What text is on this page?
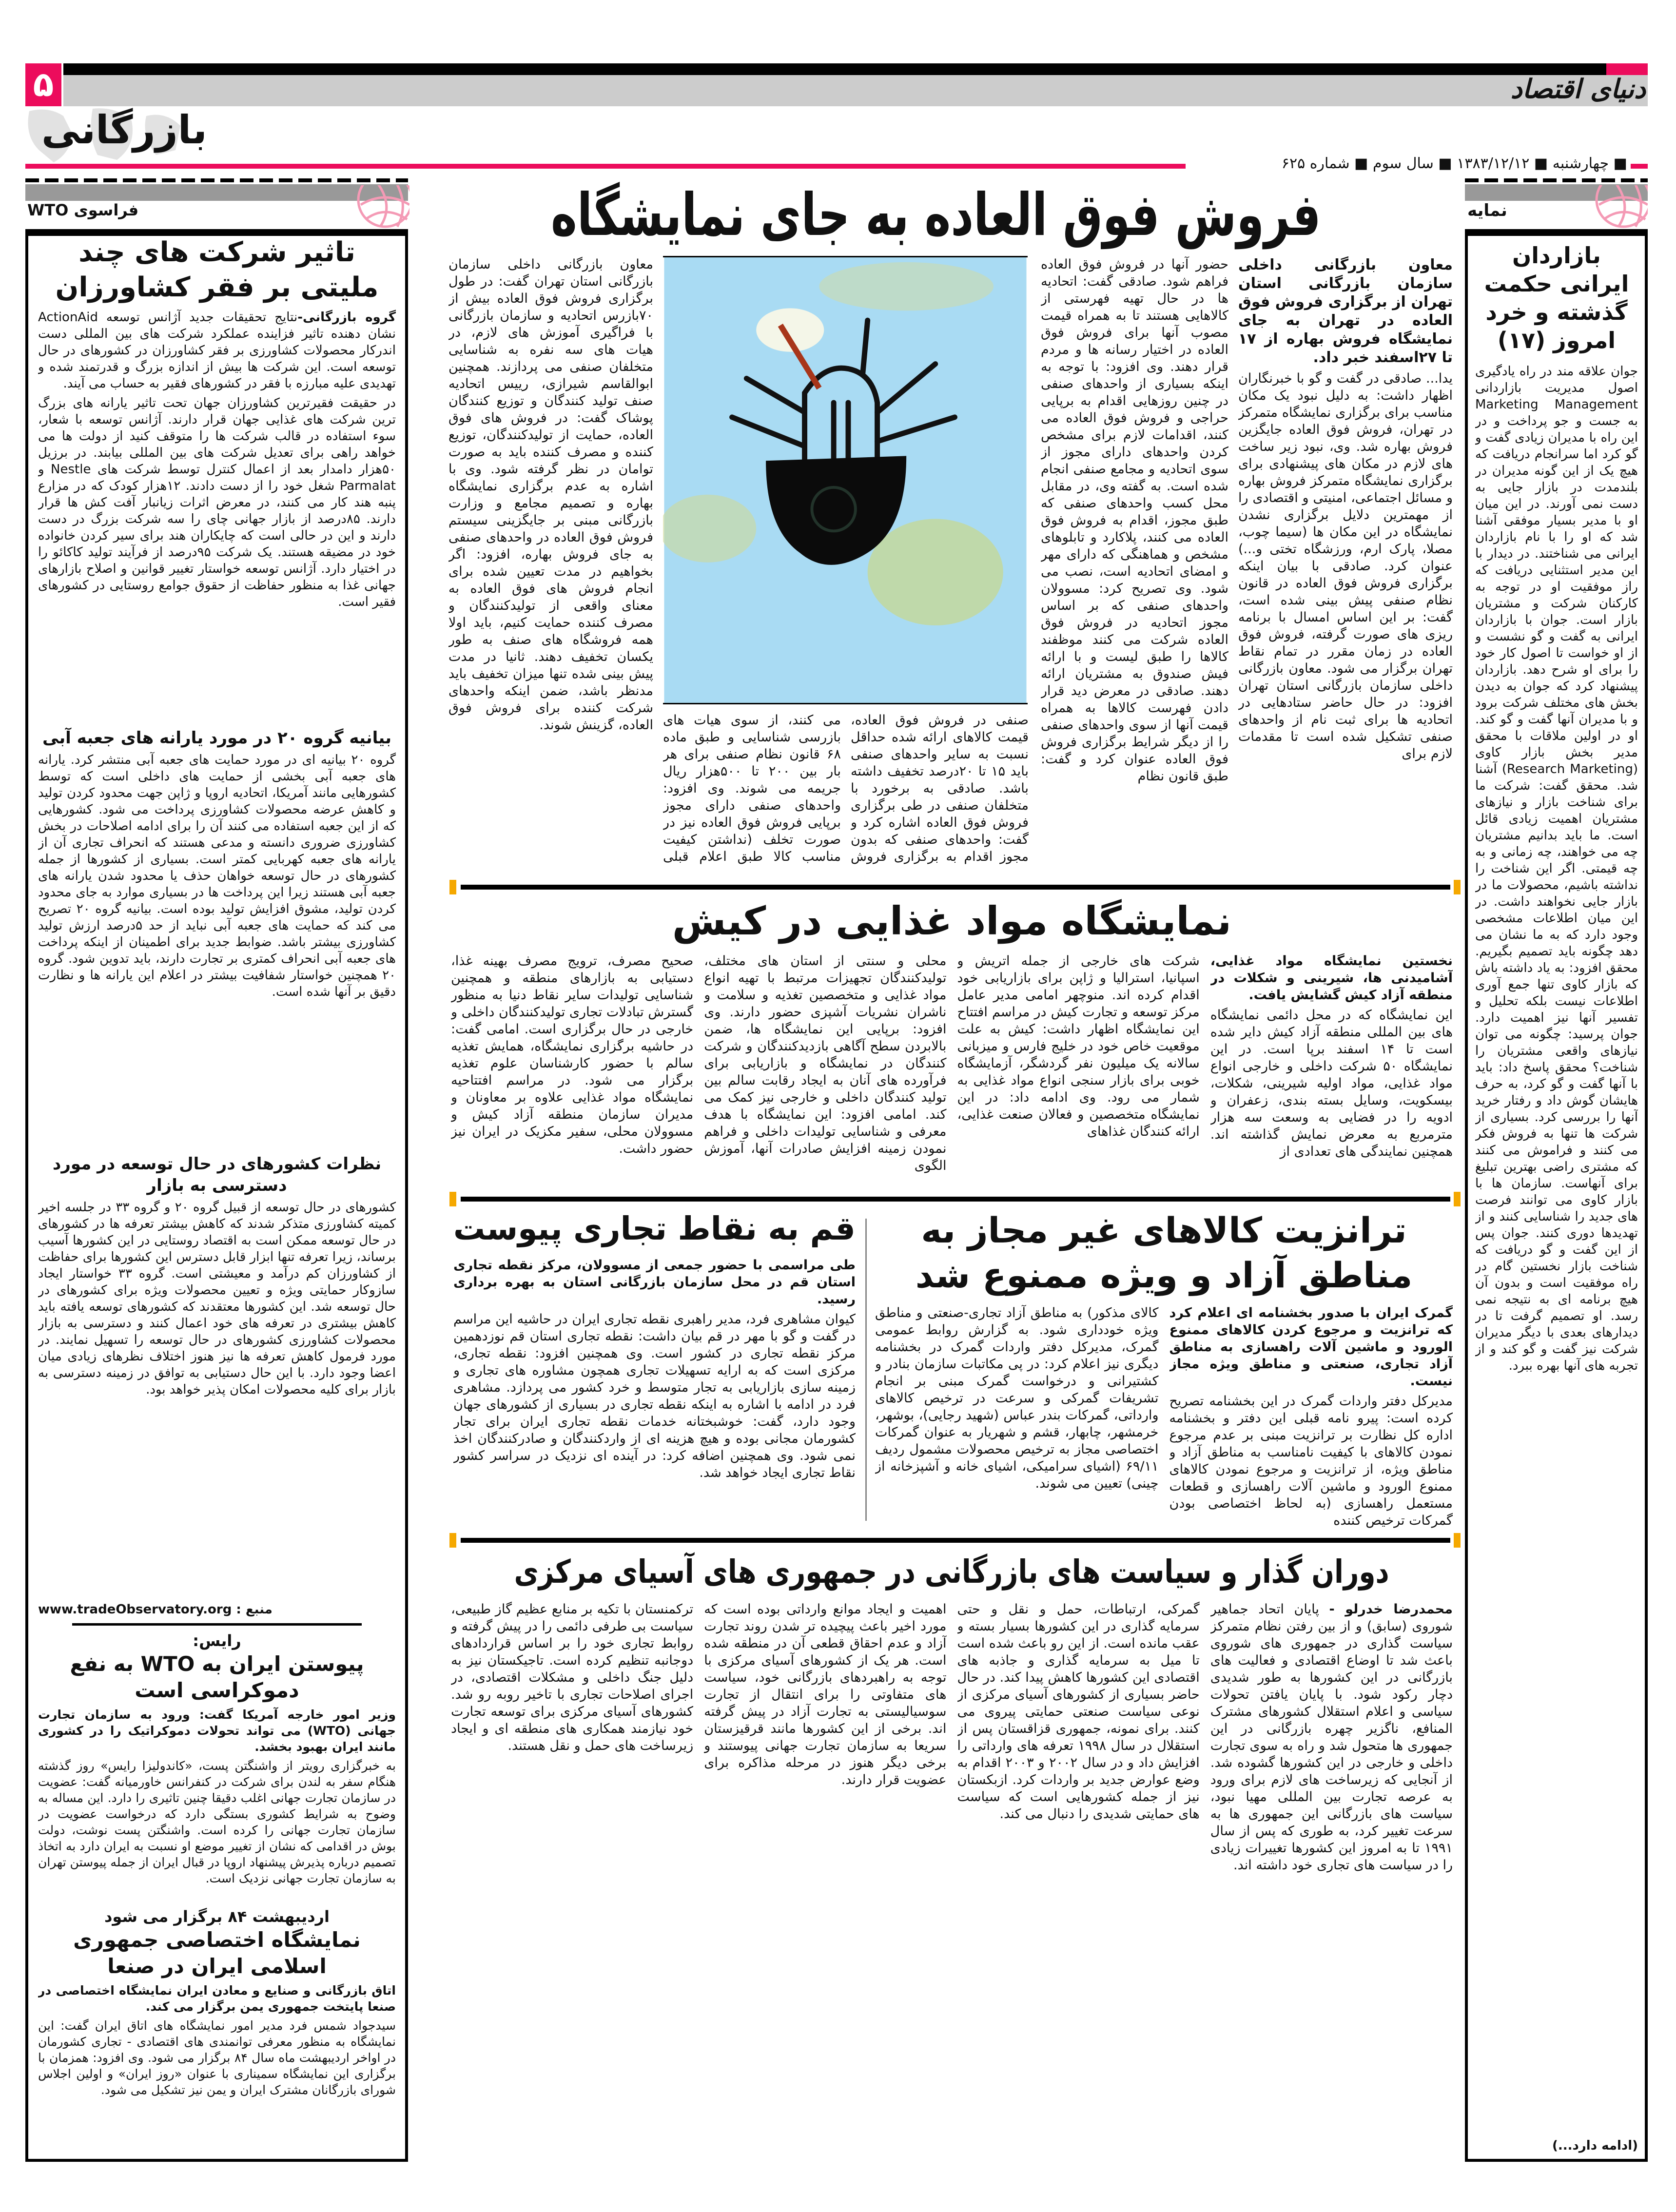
۵	دنیای اقتصاد
بازرگانی
■ چهارشنبه ■ ۱۳۸۳/۱۲/۱۲ ■ سال سوم ■ شماره ۶۲۵
نمایه
فراسوی WTO	فروش فوق العاده به جای نمایشگاه
بازاردان ایرانی حکمت گذشته و خرد امروز (۱۷)
جوان علاقه مند در راه یادگیری اصول مدیریت بازاردانی Marketing Management به جست و جو پرداخت و در این راه با مدیران زیادی گفت و گو کرد اما سرانجام دریافت که هیچ یک از این گونه مدیران در بلندمدت در بازار جایی به دست نمی آورند. در این میان او با مدیر بسیار موفقی آشنا شد که او را با نام بازاردان ایرانی می شناختند. در دیدار با این مدیر استثنایی دریافت که راز موفقیت او در توجه به کارکنان شرکت و مشتریان بازار است. جوان با بازاردان ایرانی به گفت و گو نشست و از او خواست تا اصول کار خود را برای او شرح دهد. بازاردان پیشنهاد کرد که جوان به دیدن بخش های مختلف شرکت برود و با مدیران آنها گفت و گو کند. او در اولین ملاقات با محقق مدیر بخش بازار کاوی (Research Marketing) آشنا شد. محقق گفت: شرکت ما برای شناخت بازار و نیازهای مشتریان اهمیت زیادی قائل است. ما باید بدانیم مشتریان چه می خواهند، چه زمانی و به چه قیمتی. اگر این شناخت را نداشته باشیم، محصولات ما در بازار جایی نخواهند داشت. در این میان اطلاعات مشخصی وجود دارد که به ما نشان می دهد چگونه باید تصمیم بگیریم. محقق افزود: به یاد داشته باش که بازار کاوی تنها جمع آوری اطلاعات نیست بلکه تحلیل و تفسیر آنها نیز اهمیت دارد. جوان پرسید: چگونه می توان نیازهای واقعی مشتریان را شناخت؟ محقق پاسخ داد: باید با آنها گفت و گو کرد، به حرف هایشان گوش داد و رفتار خرید آنها را بررسی کرد. بسیاری از شرکت ها تنها به فروش فکر می کنند و فراموش می کنند که مشتری راضی بهترین تبلیغ برای آنهاست. سازمان ها با بازار کاوی می توانند فرصت های جدید را شناسایی کنند و از تهدیدها دوری کنند. جوان پس از این گفت و گو دریافت که شناخت بازار نخستین گام در راه موفقیت است و بدون آن هیچ برنامه ای به نتیجه نمی رسد. او تصمیم گرفت تا در دیدارهای بعدی با دیگر مدیران شرکت نیز گفت و گو کند و از تجربه های آنها بهره ببرد.
(ادامه دارد...)
تاثیر شرکت های چند ملیتی بر فقر کشاورزان

گروه بازرگانی-نتایج تحقیقات جدید آژانس توسعه ActionAid نشان دهنده تاثیر فزاینده عملکرد شرکت های بین المللی دست اندرکار محصولات کشاورزی بر فقر کشاورزان در کشورهای در حال توسعه است. این شرکت ها بیش از اندازه بزرگ و قدرتمند شده و تهدیدی علیه مبارزه با فقر در کشورهای فقیر به حساب می آیند.

در حقیقت فقیرترین کشاورزان جهان تحت تاثیر یارانه های بزرگ ترین شرکت های غذایی جهان قرار دارند. آژانس توسعه با شعار، سوء استفاده در قالب شرکت ها را متوقف کنید از دولت ها می خواهد راهی برای تعدیل شرکت های بین المللی بیابند. در برزیل ۵۰هزار دامدار بعد از اعمال کنترل توسط شرکت های Nestle و Parmalat شغل خود را از دست دادند. ۱۲هزار کودک که در مزارع پنبه هند کار می کنند، در معرض اثرات زیانبار آفت کش ها قرار دارند. ۸۵درصد از بازار جهانی چای را سه شرکت بزرگ در دست دارند و این در حالی است که چایکاران هند برای سیر کردن خانواده خود در مضیقه هستند. یک شرکت ۹۵درصد از فرآیند تولید کاکائو را در اختیار دارد. آژانس توسعه خواستار تغییر قوانین و اصلاح بازارهای جهانی غذا به منظور حفاظت از حقوق جوامع روستایی در کشورهای فقیر است.

بیانیه گروه ۲۰ در مورد یارانه های جعبه آبی
گروه ۲۰ بیانیه ای در مورد حمایت های جعبه آبی منتشر کرد. یارانه های جعبه آبی بخشی از حمایت های داخلی است که توسط کشورهایی مانند آمریکا، اتحادیه اروپا و ژاپن جهت محدود کردن تولید و کاهش عرضه محصولات کشاورزی پرداخت می شود. کشورهایی که از این جعبه استفاده می کنند آن را برای ادامه اصلاحات در بخش کشاورزی ضروری دانسته و مدعی هستند که انحراف تجاری آن از یارانه های جعبه کهربایی کمتر است. بسیاری از کشورها از جمله کشورهای در حال توسعه خواهان حذف یا محدود شدن یارانه های جعبه آبی هستند زیرا این پرداخت ها در بسیاری موارد به جای محدود کردن تولید، مشوق افزایش تولید بوده است. بیانیه گروه ۲۰ تصریح می کند که حمایت های جعبه آبی نباید از حد ۵درصد ارزش تولید کشاورزی بیشتر باشد. ضوابط جدید برای اطمینان از اینکه پرداخت های جعبه آبی انحراف کمتری بر تجارت دارند، باید تدوین شود. گروه ۲۰ همچنین خواستار شفافیت بیشتر در اعلام این یارانه ها و نظارت دقیق بر آنها شده است.
نظرات کشورهای در حال توسعه در مورد دسترسی به بازار
کشورهای در حال توسعه از قبیل گروه ۲۰ و گروه ۳۳ در جلسه اخیر کمیته کشاورزی متذکر شدند که کاهش بیشتر تعرفه ها در کشورهای در حال توسعه ممکن است به اقتصاد روستایی در این کشورها آسیب برساند، زیرا تعرفه تنها ابزار قابل دسترس این کشورها برای حفاظت از کشاورزان کم درآمد و معیشتی است. گروه ۳۳ خواستار ایجاد سازوکار حمایتی ویژه و تعیین محصولات ویژه برای کشورهای در حال توسعه شد. این کشورها معتقدند که کشورهای توسعه یافته باید کاهش بیشتری در تعرفه های خود اعمال کنند و دسترسی به بازار محصولات کشاورزی کشورهای در حال توسعه را تسهیل نمایند. در مورد فرمول کاهش تعرفه ها نیز هنوز اختلاف نظرهای زیادی میان اعضا وجود دارد. با این حال دستیابی به توافق در زمینه دسترسی به بازار برای کلیه محصولات امکان پذیر خواهد بود.
منبع : www.tradeObservatory.org
رایس:
پیوستن ایران به WTO به نفع دموکراسی است

وزیر امور خارجه آمریکا گفت: ورود به سازمان تجارت جهانی (WTO) می تواند تحولات دموکراتیک را در کشوری مانند ایران بهبود بخشد.

به خبرگزاری رویتر از واشنگتن پست، «کاندولیزا رایس» روز گذشته هنگام سفر به لندن برای شرکت در کنفرانس خاورمیانه گفت: عضویت در سازمان تجارت جهانی اغلب دقیقا چنین تاثیری را دارد. این مساله به وضوح به شرایط کشوری بستگی دارد که درخواست عضویت در سازمان تجارت جهانی را کرده است. واشنگتن پست نوشت، دولت بوش در اقدامی که نشان از تغییر موضع او نسبت به ایران دارد به اتخاذ تصمیم درباره پذیرش پیشنهاد اروپا در قبال ایران از جمله پیوستن تهران به سازمان تجارت جهانی نزدیک است.

اردیبهشت ۸۴ برگزار می شود
نمایشگاه اختصاصی جمهوری اسلامی ایران در صنعا

اتاق بازرگانی و صنایع و معادن ایران نمایشگاه اختصاصی در صنعا پایتخت جمهوری یمن برگزار می کند.

سیدجواد شمس فرد مدیر امور نمایشگاه های اتاق ایران گفت: این نمایشگاه به منظور معرفی توانمندی های اقتصادی - تجاری کشورمان در اواخر اردیبهشت ماه سال ۸۴ برگزار می شود. وی افزود: همزمان با برگزاری این نمایشگاه سمیناری با عنوان «روز ایران» و اولین اجلاس شورای بازرگانان مشترک ایران و یمن نیز تشکیل می شود.

معاون بازرگانی داخلی سازمان بازرگانی استان تهران از برگزاری فروش فوق العاده در تهران به جای نمایشگاه فروش بهاره از ۱۷ تا ۲۷اسفند خبر داد.

یدا... صادقی در گفت و گو با خبرنگاران اظهار داشت: به دلیل نبود یک مکان مناسب برای برگزاری نمایشگاه متمرکز در تهران، فروش فوق العاده جایگزین فروش بهاره شد. وی، نبود زیر ساخت های لازم در مکان های پیشنهادی برای برگزاری نمایشگاه متمرکز فروش بهاره و مسائل اجتماعی، امنیتی و اقتصادی را از مهمترین دلایل برگزاری نشدن نمایشگاه در این مکان ها (سیما چوب، مصلا، پارک ارم، ورزشگاه تختی و...) عنوان کرد. صادقی با بیان اینکه برگزاری فروش فوق العاده در قانون نظام صنفی پیش بینی شده است، گفت: بر این اساس امسال با برنامه ریزی های صورت گرفته، فروش فوق العاده در زمان مقرر در تمام نقاط تهران برگزار می شود. معاون بازرگانی داخلی سازمان بازرگانی استان تهران افزود: در حال حاضر ستادهایی در اتحادیه ها برای ثبت نام از واحدهای صنفی تشکیل شده است تا مقدمات لازم برای

حضور آنها در فروش فوق العاده فراهم شود. صادقی گفت: اتحادیه ها در حال تهیه فهرستی از کالاهایی هستند تا به همراه قیمت مصوب آنها برای فروش فوق العاده در اختیار رسانه ها و مردم قرار دهند. وی افزود: با توجه به اینکه بسیاری از واحدهای صنفی در چنین روزهایی اقدام به برپایی حراجی و فروش فوق العاده می کنند، اقدامات لازم برای مشخص کردن واحدهای دارای مجوز از سوی اتحادیه و مجامع صنفی انجام شده است. به گفته وی، در مقابل محل کسب واحدهای صنفی که طبق مجوز، اقدام به فروش فوق العاده می کنند، پلاکارد و تابلوهای مشخص و هماهنگی که دارای مهر و امضای اتحادیه است، نصب می شود. وی تصریح کرد: مسوولان واحدهای صنفی که بر اساس مجوز اتحادیه در فروش فوق العاده شرکت می کنند موظفند کالاها را طبق لیست و با ارائه فیش صندوق به مشتریان ارائه دهند. صادقی در معرض دید قرار دادن فهرست کالاها به همراه قیمت آنها از سوی واحدهای صنفی را از دیگر شرایط برگزاری فروش فوق العاده عنوان کرد و گفت: طبق قانون نظام
صنفی در فروش فوق العاده، قیمت کالاهای ارائه شده حداقل نسبت به سایر واحدهای صنفی باید ۱۵ تا ۲۰درصد تخفیف داشته باشد. صادقی به برخورد با متخلفان صنفی در طی برگزاری فروش فوق العاده اشاره کرد و گفت: واحدهای صنفی که بدون مجوز اقدام به برگزاری فروش
می کنند، از سوی هیات های بازرسی شناسایی و طبق ماده ۶۸ قانون نظام صنفی برای هر بار بین ۲۰۰ تا ۵۰۰هزار ریال جریمه می شوند. وی افزود: واحدهای صنفی دارای مجوز برپایی فروش فوق العاده نیز در صورت تخلف (نداشتن کیفیت مناسب کالا طبق اعلام قبلی
معاون بازرگانی داخلی سازمان بازرگانی استان تهران گفت: در طول برگزاری فروش فوق العاده بیش از ۷۰بازرس اتحادیه و سازمان بازرگانی با فراگیری آموزش های لازم، در هیات های سه نفره به شناسایی متخلفان صنفی می پردازند. همچنین ابوالقاسم شیرازی، رییس اتحادیه صنف تولید کنندگان و توزیع کنندگان پوشاک گفت: در فروش های فوق العاده، حمایت از تولیدکنندگان، توزیع کننده و مصرف کننده باید به صورت توامان در نظر گرفته شود. وی با اشاره به عدم برگزاری نمایشگاه بهاره و تصمیم مجامع و وزارت بازرگانی مبنی بر جایگزینی سیستم فروش فوق العاده در واحدهای صنفی به جای فروش بهاره، افزود: اگر بخواهیم در مدت تعیین شده برای انجام فروش های فوق العاده به معنای واقعی از تولیدکنندگان و مصرف کننده حمایت کنیم، باید اولا همه فروشگاه های صنف به طور یکسان تخفیف دهند. ثانیا در مدت پیش بینی شده تنها میزان تخفیف باید مدنظر باشد، ضمن اینکه واحدهای شرکت کننده برای فروش فوق العاده، گزینش شوند.
نمایشگاه مواد غذایی در کیش

نخستین نمایشگاه مواد غذایی، آشامیدنی ها، شیرینی و شکلات در منطقه آزاد کیش گشایش یافت.

این نمایشگاه که در محل دائمی نمایشگاه های بین المللی منطقه آزاد کیش دایر شده است تا ۱۴ اسفند برپا است. در این نمایشگاه ۵۰ شرکت داخلی و خارجی انواع مواد غذایی، مواد اولیه شیرینی، شکلات، بیسکویت، وسایل بسته بندی، زعفران و ادویه را در فضایی به وسعت سه هزار مترمربع به معرض نمایش گذاشته اند. همچنین نمایندگی های تعدادی از

شرکت های خارجی از جمله اتریش و اسپانیا، استرالیا و ژاپن برای بازاریابی خود اقدام کرده اند. منوچهر امامی مدیر عامل مرکز توسعه و تجارت کیش در مراسم افتتاح این نمایشگاه اظهار داشت: کیش به علت موقعیت خاص خود در خلیج فارس و میزبانی سالانه یک میلیون نفر گردشگر، آزمایشگاه خوبی برای بازار سنجی انواع مواد غذایی به شمار می رود. وی ادامه داد: در این نمایشگاه متخصصین و فعالان صنعت غذایی، ارائه کنندگان غذاهای
محلی و سنتی از استان های مختلف، تولیدکنندگان تجهیزات مرتبط با تهیه انواع مواد غذایی و متخصصین تغذیه و سلامت و ناشران نشریات آشپزی حضور دارند. وی افزود: برپایی این نمایشگاه ها، ضمن بالابردن سطح آگاهی بازدیدکنندگان و شرکت کنندگان در نمایشگاه و بازاریابی برای فرآورده های آنان به ایجاد رقابت سالم بین تولید کنندگان داخلی و خارجی نیز کمک می کند. امامی افزود: این نمایشگاه با هدف معرفی و شناسایی تولیدات داخلی و فراهم نمودن زمینه افزایش صادرات آنها، آموزش الگوی
صحیح مصرف، ترویج مصرف بهینه غذا، دستیابی به بازارهای منطقه و همچنین شناسایی تولیدات سایر نقاط دنیا به منظور گسترش تبادلات تجاری تولیدکنندگان داخلی و خارجی در حال برگزاری است. امامی گفت: در حاشیه برگزاری نمایشگاه، همایش تغذیه سالم با حضور کارشناسان علوم تغذیه برگزار می شود. در مراسم افتتاحیه نمایشگاه مواد غذایی علاوه بر معاونان و مدیران سازمان منطقه آزاد کیش و مسوولان محلی، سفیر مکزیک در ایران نیز حضور داشت.
ترانزیت کالاهای غیر مجاز به مناطق آزاد و ویژه ممنوع شد

گمرک ایران با صدور بخشنامه ای اعلام کرد که ترانزیت و مرجوع کردن کالاهای ممنوع الورود و ماشین آلات راهسازی به مناطق آزاد تجاری، صنعتی و مناطق ویژه مجاز نیست.

مدیرکل دفتر واردات گمرک در این بخشنامه تصریح کرده است: پیرو نامه قبلی این دفتر و بخشنامه اداره کل نظارت بر ترانزیت مبنی بر عدم مرجوع نمودن کالاهای با کیفیت نامناسب به مناطق آزاد و مناطق ویژه، از ترانزیت و مرجوع نمودن کالاهای ممنوع الورود و ماشین آلات راهسازی و قطعات مستعمل راهسازی (به لحاظ اختصاصی بودن گمرکات ترخیص کننده

کالای مذکور) به مناطق آزاد تجاری-صنعتی و مناطق ویژه خودداری شود. به گزارش روابط عمومی گمرک، مدیرکل دفتر واردات گمرک در بخشنامه دیگری نیز اعلام کرد: در پی مکاتبات سازمان بنادر و کشتیرانی و درخواست گمرک مبنی بر انجام تشریفات گمرکی و سرعت در ترخیص کالاهای وارداتی، گمرکات بندر عباس (شهید رجایی)، بوشهر، خرمشهر، چابهار، قشم و شهریار به عنوان گمرکات اختصاصی مجاز به ترخیص محصولات مشمول ردیف ۶۹/۱۱ (اشیای سرامیکی، اشیای خانه و آشپزخانه از چینی) تعیین می شوند.
قم به نقاط تجاری پیوست

طی مراسمی با حضور جمعی از مسوولان، مرکز نقطه تجاری استان قم در محل سازمان بازرگانی استان به بهره برداری رسید.

کیوان مشاهری فرد، مدیر راهبری نقطه تجاری ایران در حاشیه این مراسم در گفت و گو با مهر در قم بیان داشت: نقطه تجاری استان قم نوزدهمین مرکز نقطه تجاری در کشور است. وی همچنین افزود: نقطه تجاری، مرکزی است که به ارایه تسهیلات تجاری همچون مشاوره های تجاری و زمینه سازی بازاریابی به تجار متوسط و خرد کشور می پردازد. مشاهری فرد در ادامه با اشاره به اینکه نقطه تجاری در بسیاری از کشورهای جهان وجود دارد، گفت: خوشبختانه خدمات نقطه تجاری ایران برای تجار کشورمان مجانی بوده و هیچ هزینه ای از واردکنندگان و صادرکنندگان اخذ نمی شود. وی همچنین اضافه کرد: در آینده ای نزدیک در سراسر کشور نقاط تجاری ایجاد خواهد شد.

دوران گذار و سیاست های بازرگانی در جمهوری های آسیای مرکزی
محمدرضا خدرلو - پایان اتحاد جماهیر شوروی (سابق) و از بین رفتن نظام متمرکز سیاست گذاری در جمهوری های شوروی باعث شد تا اوضاع اقتصادی و فعالیت های بازرگانی در این کشورها به طور شدیدی دچار رکود شود. با پایان یافتن تحولات سیاسی و اعلام استقلال کشورهای مشترک المنافع، ناگزیر چهره بازرگانی در این جمهوری ها متحول شد و راه به سوی تجارت داخلی و خارجی در این کشورها گشوده شد. از آنجایی که زیرساخت های لازم برای ورود به عرصه تجارت بین المللی مهیا نبود، سیاست های بازرگانی این جمهوری ها به سرعت تغییر کرد، به طوری که پس از سال ۱۹۹۱ تا به امروز این کشورها تغییرات زیادی را در سیاست های تجاری خود داشته اند.
گمرکی، ارتباطات، حمل و نقل و حتی سرمایه گذاری در این کشورها بسیار بسته و عقب مانده است. از این رو باعث شده است تا میل به سرمایه گذاری و جاذبه های اقتصادی این کشورها کاهش پیدا کند. در حال حاضر بسیاری از کشورهای آسیای مرکزی از نوعی سیاست صنعتی حمایتی پیروی می کنند. برای نمونه، جمهوری قزاقستان پس از استقلال در سال ۱۹۹۸ تعرفه های وارداتی را افزایش داد و در سال ۲۰۰۲ و ۲۰۰۳ اقدام به وضع عوارض جدید بر واردات کرد. ازبکستان نیز از جمله کشورهایی است که سیاست های حمایتی شدیدی را دنبال می کند.
اهمیت و ایجاد موانع وارداتی بوده است که مورد اخیر باعث پیچیده تر شدن روند تجارت آزاد و عدم احقاق قطعی آن در منطقه شده است. هر یک از کشورهای آسیای مرکزی با توجه به راهبردهای بازرگانی خود، سیاست های متفاوتی را برای انتقال از تجارت سوسیالیستی به تجارت آزاد در پیش گرفته اند. برخی از این کشورها مانند قرقیزستان سریعا به سازمان تجارت جهانی پیوستند و برخی دیگر هنوز در مرحله مذاکره برای عضویت قرار دارند.
ترکمنستان با تکیه بر منابع عظیم گاز طبیعی، سیاست بی طرفی دائمی را در پیش گرفته و روابط تجاری خود را بر اساس قراردادهای دوجانبه تنظیم کرده است. تاجیکستان نیز به دلیل جنگ داخلی و مشکلات اقتصادی، در اجرای اصلاحات تجاری با تاخیر روبه رو شد. کشورهای آسیای مرکزی برای توسعه تجارت خود نیازمند همکاری های منطقه ای و ایجاد زیرساخت های حمل و نقل هستند.
